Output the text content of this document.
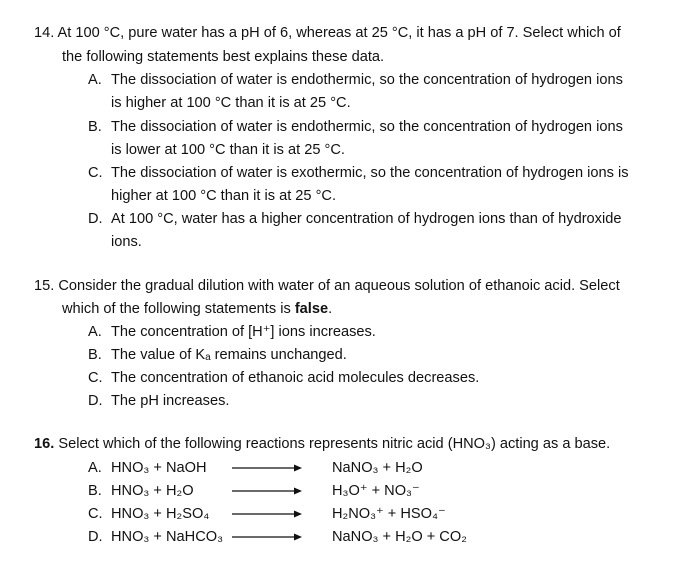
14. At 100 °C, pure water has a pH of 6, whereas at 25 °C, it has a pH of 7. Select which of
the following statements best explains these data.
A. The dissociation of water is endothermic, so the concentration of hydrogen ions
is higher at 100 °C than it is at 25 °C.
B. The dissociation of water is endothermic, so the concentration of hydrogen ions
is lower at 100 °C than it is at 25 °C.
C. The dissociation of water is exothermic, so the concentration of hydrogen ions is
higher at 100 °C than it is at 25 °C.
D. At 100 °C, water has a higher concentration of hydrogen ions than of hydroxide
ions.
15. Consider the gradual dilution with water of an aqueous solution of ethanoic acid. Select
which of the following statements is false.
A. The concentration of [H⁺] ions increases.
B. The value of Kₐ remains unchanged.
C. The concentration of ethanoic acid molecules decreases.
D. The pH increases.
16. Select which of the following reactions represents nitric acid (HNO₃) acting as a base.
A. HNO₃ + NaOH	NaNO₃ + H₂O
B. HNO₃ + H₂O	H₃O⁺ + NO₃⁻
C. HNO₃ + H₂SO₄	H₂NO₃⁺ + HSO₄⁻
D. HNO₃ + NaHCO₃	NaNO₃ + H₂O + CO₂
